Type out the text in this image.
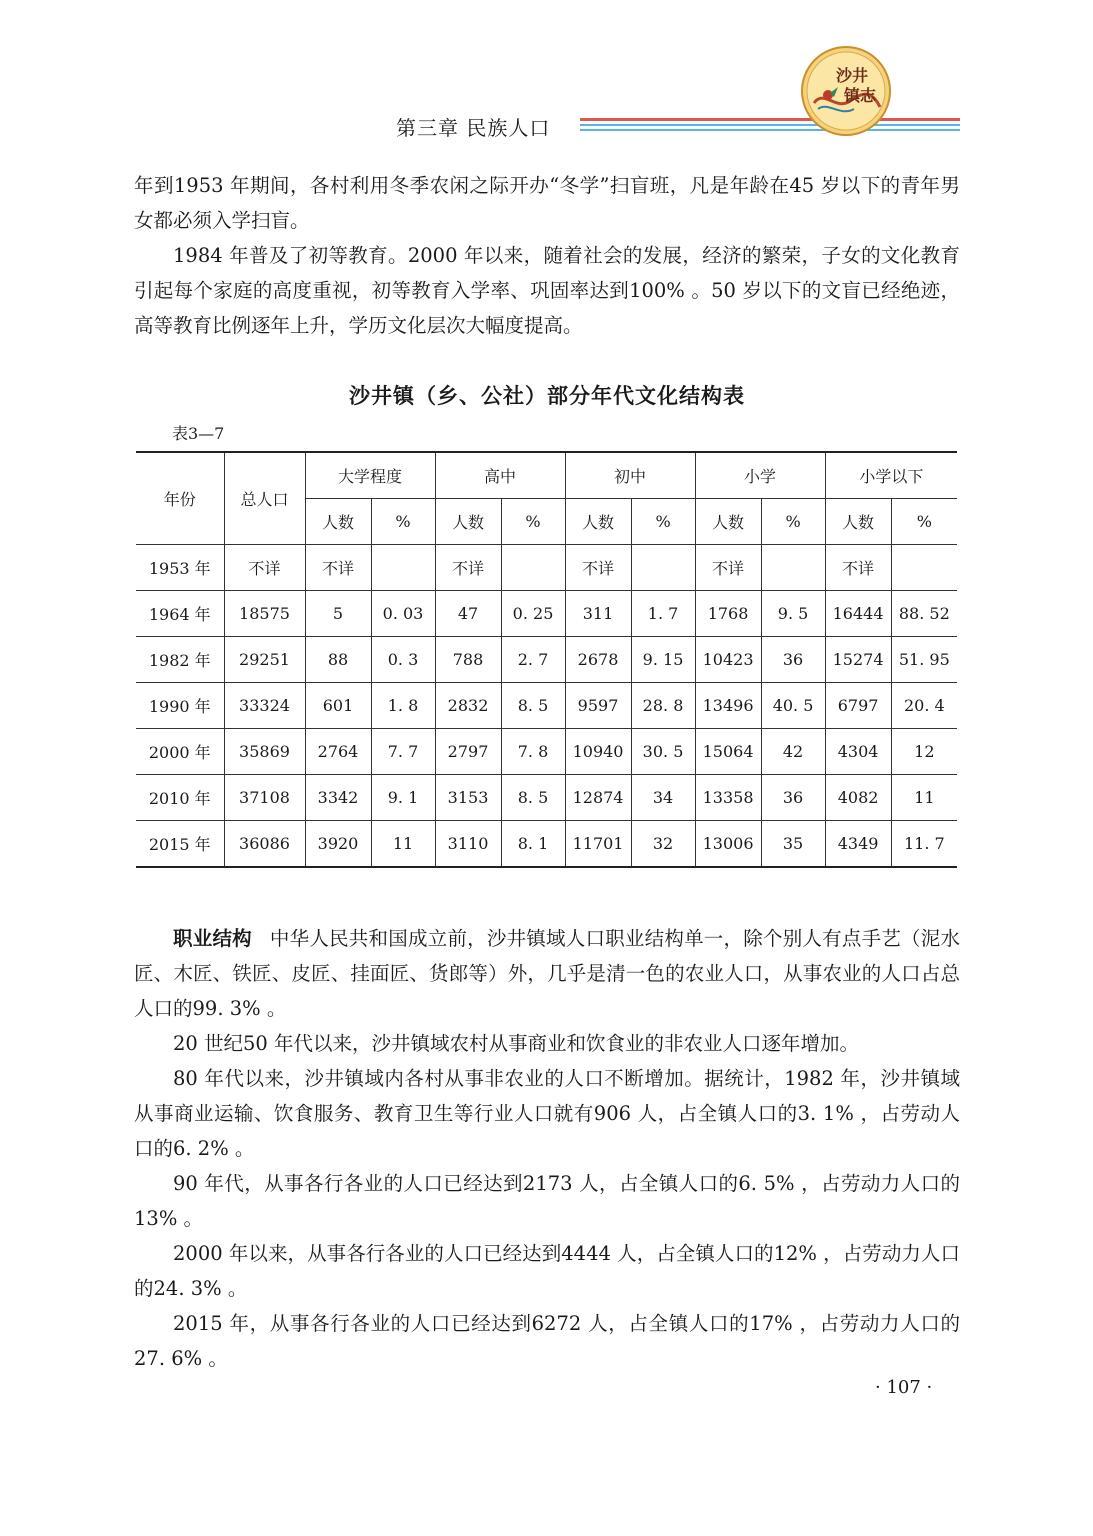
第三章 民族人口
沙井
镇志

年到1953 年期间，各村利用冬季农闲之际开办“冬学”扫盲班，凡是年龄在45 岁以下的青年男女都必须入学扫盲。

1984 年普及了初等教育。2000 年以来，随着社会的发展，经济的繁荣，子女的文化教育引起每个家庭的高度重视，初等教育入学率、巩固率达到100% 。50 岁以下的文盲已经绝迹，高等教育比例逐年上升，学历文化层次大幅度提高。

沙井镇（乡、公社）部分年代文化结构表
表3—7
年份	总人口	大学程度		高中		初中		小学		小学以下	
		人数	%	人数	%	人数	%	人数	%	人数	%
1953 年	不详	不详		不详		不详		不详		不详	
1964 年	18575	5	0. 03	47	0. 25	311	1. 7	1768	9. 5	16444	88. 52
1982 年	29251	88	0. 3	788	2. 7	2678	9. 15	10423	36	15274	51. 95
1990 年	33324	601	1. 8	2832	8. 5	9597	28. 8	13496	40. 5	6797	20. 4
2000 年	35869	2764	7. 7	2797	7. 8	10940	30. 5	15064	42	4304	12
2010 年	37108	3342	9. 1	3153	8. 5	12874	34	13358	36	4082	11
2015 年	36086	3920	11	3110	8. 1	11701	32	13006	35	4349	11. 7

职业结构 中华人民共和国成立前，沙井镇域人口职业结构单一，除个别人有点手艺（泥水匠、木匠、铁匠、皮匠、挂面匠、货郎等）外，几乎是清一色的农业人口，从事农业的人口占总人口的99. 3% 。

20 世纪50 年代以来，沙井镇域农村从事商业和饮食业的非农业人口逐年增加。

80 年代以来，沙井镇域内各村从事非农业的人口不断增加。据统计，1982 年，沙井镇域从事商业运输、饮食服务、教育卫生等行业人口就有906 人，占全镇人口的3. 1% ，占劳动人口的6. 2% 。

90 年代，从事各行各业的人口已经达到2173 人，占全镇人口的6. 5% ，占劳动力人口的13% 。

2000 年以来，从事各行各业的人口已经达到4444 人，占全镇人口的12% ，占劳动力人口的24. 3% 。

2015 年，从事各行各业的人口已经达到6272 人，占全镇人口的17% ，占劳动力人口的27. 6% 。

· 107 ·
